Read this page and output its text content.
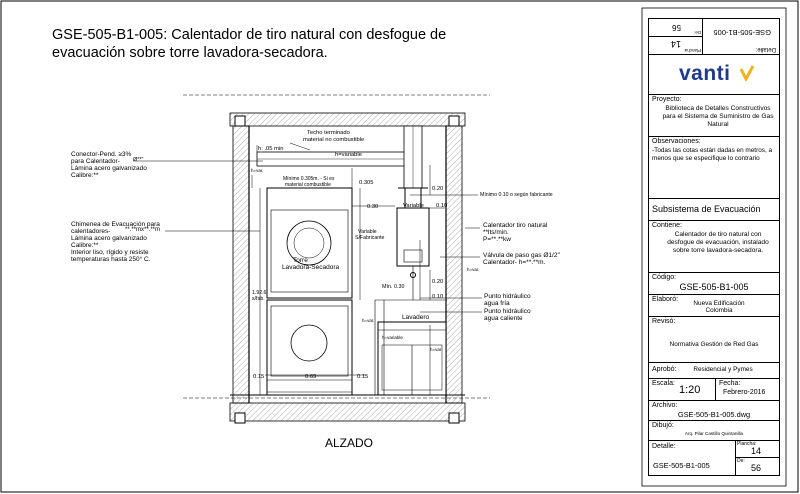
GSE-505-B1-005: Calentador de tiro natural con desfogue de
evacuación sobre torre lavadora-secadora.
Techo terminado
material no combustible
h: .05 min
h=variable
Conector-Pend. ≥3%
para Calentador- Ø**"
Lámina acero galvanizado
Calibre:**
h=var.
Mínimo 0.305m. - Si es
material combustible	0.305
0.20
Mínimo 0.10 o según fabricante
0.30	Variable 0.10
Chimenea de Evacuación para
calentadores- **.**mx**.**m
Lámina acero galvanizado
Calibre:**
Interior liso, rígido y resiste
temperaturas hasta 250° C.
Variable
S/Fabricante
Torre
Lavadora-Secadora
Calentador tiro natural
**lts/min.
P=**.**kw
Válvula de paso gas Ø1/2"
Calentador- h=**.**m.
h=var.
1.92.6
s/fab.
Mín. 0.30
0.20
0.10	Punto hidráulico
agua fría
Punto hidráulico
agua caliente
Lavadero
h=var.
h=variable
h=var.
0.15	0.69	0.15
ALZADO
Detalle:
GSE-505-B1-005
Plancha:
14
De:
56
vanti
Proyecto:
Biblioteca de Detalles Constructivos para el Sistema de Suministro de Gas Natural
Observaciones:
-Todas las cotas están dadas en metros, a menos que se especifique lo contrario
Subsistema de Evacuación
Contiene:
Calentador de tiro natural con desfogue de evacuación, instalado sobre torre lavadora-secadora.
Código:
GSE-505-B1-005
Elaboró:
Nueva Edificación
Colombia
Revisó:
Normativa Gestión de Red Gas
Aprobó:	Residencial y Pymes
Escala:
1:20
Fecha:
Febrero-2016
Archivo:
GSE-505-B1-005.dwg
Dibujó:
Arq. Pilar Castillo Quintanilla
Detalle:
GSE-505-B1-005
Plancha:
14
De:
56
